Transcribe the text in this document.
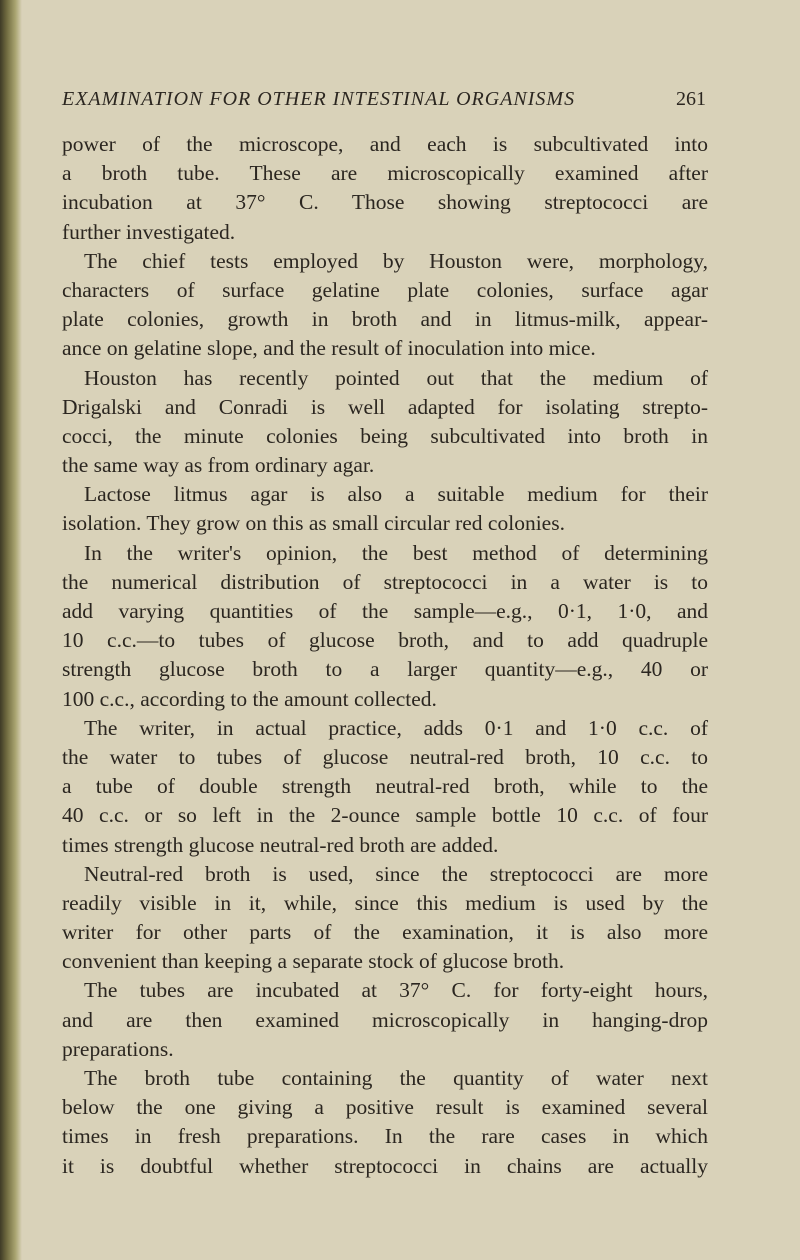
EXAMINATION FOR OTHER INTESTINAL ORGANISMS	261
power of the microscope, and each is subcultivated into
a broth tube. These are microscopically examined after
incubation at 37° C. Those showing streptococci are
further investigated.
The chief tests employed by Houston were, morphology,
characters of surface gelatine plate colonies, surface agar
plate colonies, growth in broth and in litmus-milk, appear-
ance on gelatine slope, and the result of inoculation into mice.
Houston has recently pointed out that the medium of
Drigalski and Conradi is well adapted for isolating strepto-
cocci, the minute colonies being subcultivated into broth in
the same way as from ordinary agar.
Lactose litmus agar is also a suitable medium for their
isolation. They grow on this as small circular red colonies.
In the writer's opinion, the best method of determining
the numerical distribution of streptococci in a water is to
add varying quantities of the sample—e.g., 0·1, 1·0, and
10 c.c.—to tubes of glucose broth, and to add quadruple
strength glucose broth to a larger quantity—e.g., 40 or
100 c.c., according to the amount collected.
The writer, in actual practice, adds 0·1 and 1·0 c.c. of
the water to tubes of glucose neutral-red broth, 10 c.c. to
a tube of double strength neutral-red broth, while to the
40 c.c. or so left in the 2-ounce sample bottle 10 c.c. of four
times strength glucose neutral-red broth are added.
Neutral-red broth is used, since the streptococci are more
readily visible in it, while, since this medium is used by the
writer for other parts of the examination, it is also more
convenient than keeping a separate stock of glucose broth.
The tubes are incubated at 37° C. for forty-eight hours,
and are then examined microscopically in hanging-drop
preparations.
The broth tube containing the quantity of water next
below the one giving a positive result is examined several
times in fresh preparations. In the rare cases in which
it is doubtful whether streptococci in chains are actually
